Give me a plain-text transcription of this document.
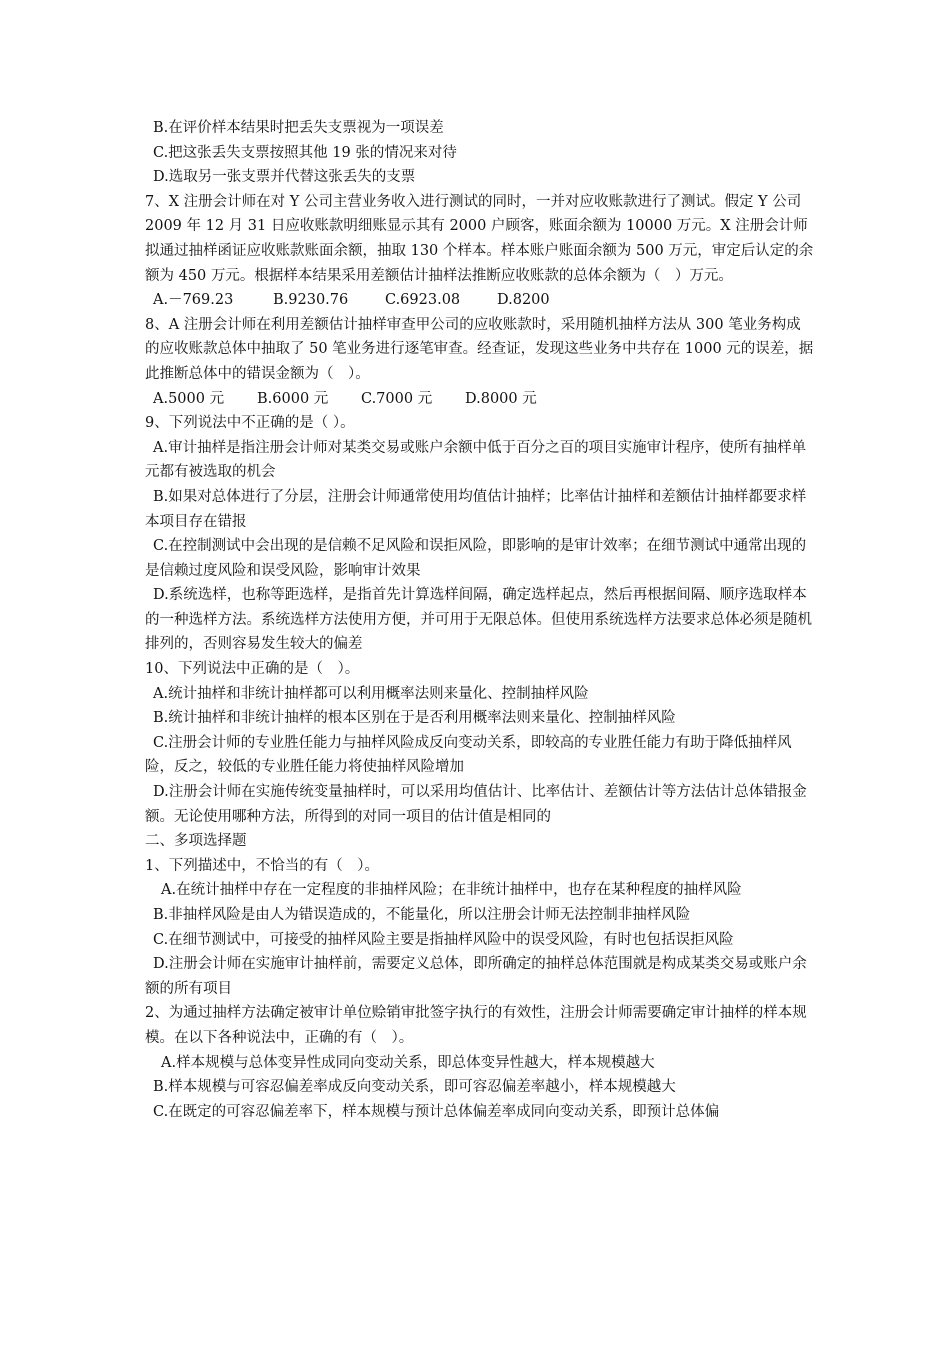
B.在评价样本结果时把丢失支票视为一项误差

C.把这张丢失支票按照其他 19 张的情况来对待

D.选取另一张支票并代替这张丢失的支票

7、X 注册会计师在对 Y 公司主营业务收入进行测试的同时，一并对应收账款进行了测试。假定 Y 公司 2009 年 12 月 31 日应收账款明细账显示其有 2000 户顾客，账面余额为 10000 万元。X 注册会计师拟通过抽样函证应收账款账面余额，抽取 130 个样本。样本账户账面余额为 500 万元，审定后认定的余额为 450 万元。根据样本结果采用差额估计抽样法推断应收账款的总体余额为（　）万元。

A.－769.23	B.9230.76	C.6923.08	D.8200

8、A 注册会计师在利用差额估计抽样审查甲公司的应收账款时，采用随机抽样方法从 300 笔业务构成的应收账款总体中抽取了 50 笔业务进行逐笔审查。经查证，发现这些业务中共存在 1000 元的误差，据此推断总体中的错误金额为（　）。

A.5000 元 B.6000 元 C.7000 元 D.8000 元

9、下列说法中不正确的是（ ）。

A.审计抽样是指注册会计师对某类交易或账户余额中低于百分之百的项目实施审计程序，使所有抽样单元都有被选取的机会

B.如果对总体进行了分层，注册会计师通常使用均值估计抽样；比率估计抽样和差额估计抽样都要求样本项目存在错报

C.在控制测试中会出现的是信赖不足风险和误拒风险，即影响的是审计效率；在细节测试中通常出现的是信赖过度风险和误受风险，影响审计效果

D.系统选样，也称等距选样，是指首先计算选样间隔，确定选样起点，然后再根据间隔、顺序选取样本的一种选样方法。系统选样方法使用方便，并可用于无限总体。但使用系统选样方法要求总体必须是随机排列的，否则容易发生较大的偏差

10、下列说法中正确的是（　）。

A.统计抽样和非统计抽样都可以利用概率法则来量化、控制抽样风险

B.统计抽样和非统计抽样的根本区别在于是否利用概率法则来量化、控制抽样风险

C.注册会计师的专业胜任能力与抽样风险成反向变动关系，即较高的专业胜任能力有助于降低抽样风险，反之，较低的专业胜任能力将使抽样风险增加

D.注册会计师在实施传统变量抽样时，可以采用均值估计、比率估计、差额估计等方法估计总体错报金额。无论使用哪种方法，所得到的对同一项目的估计值是相同的

二、多项选择题

1、下列描述中，不恰当的有（　）。

A.在统计抽样中存在一定程度的非抽样风险；在非统计抽样中，也存在某种程度的抽样风险

B.非抽样风险是由人为错误造成的，不能量化，所以注册会计师无法控制非抽样风险

C.在细节测试中，可接受的抽样风险主要是指抽样风险中的误受风险，有时也包括误拒风险

D.注册会计师在实施审计抽样前，需要定义总体，即所确定的抽样总体范围就是构成某类交易或账户余额的所有项目

2、为通过抽样方法确定被审计单位赊销审批签字执行的有效性，注册会计师需要确定审计抽样的样本规模。在以下各种说法中，正确的有（　）。

A.样本规模与总体变异性成同向变动关系，即总体变异性越大，样本规模越大

B.样本规模与可容忍偏差率成反向变动关系，即可容忍偏差率越小，样本规模越大

C.在既定的可容忍偏差率下，样本规模与预计总体偏差率成同向变动关系，即预计总体偏
